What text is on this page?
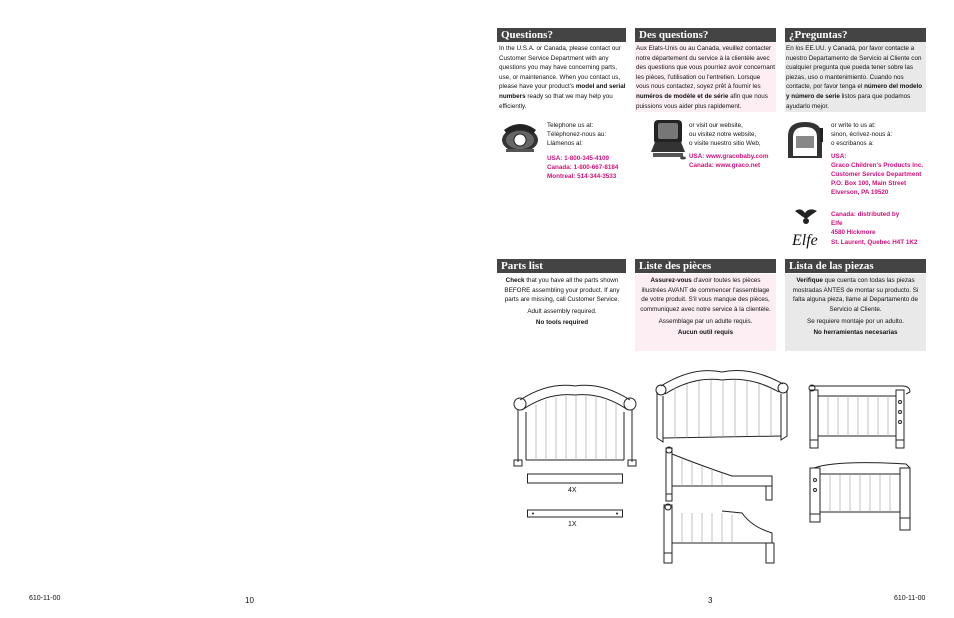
Questions?	Des questions?	¿Preguntas?
In the U.S.A. or Canada, please contact our Customer Service Department with any questions you may have concerning parts, use, or maintenance. When you contact us, please have your product's model and serial numbers ready so that we may help you efficiently.
Aux Etats-Unis ou au Canada, veuillez contacter notre département du service à la clientèle avec des questions que vous pourriez avoir concernant les pièces, l'utilisation ou l'entretien. Lorsque vous nous contactez, soyez prêt à fournir les numéros de modèle et de série afin que nous puissions vous aider plus rapidement.
En los EE.UU. y Canadá, por favor contacte a nuestro Departamento de Servicio al Cliente con cualquier pregunta que pueda tener sobre las piezas, uso o mantenimiento. Cuando nos contacte, por favor tenga el número del modelo y número de serie listos para que podamos ayudarlo mejor.
Telephone us at:
Téléphonez-nous au:
Llámenos al:
USA: 1-800-345-4109
Canada: 1-800-667-8184
Montreal: 514-344-3533
or visit our website,
ou visitez notre website,
o visite nuestro sitio Web,
USA: www.gracobaby.com
Canada: www.graco.net
or write to us at:
sinon, écrivez-nous à:
o escribanos a:
USA:
Graco Children's Products Inc.
Customer Service Department
P.O. Box 100, Main Street
Elverson, PA 19520
Elfe
Canada: distributed by
Elfe
4580 Hickmore
St. Laurent, Quebec H4T 1K2
Parts list	Liste des pièces	Lista de las piezas
Check that you have all the parts shown BEFORE assembling your product. If any parts are missing, call Customer Service.
Adult assembly required.
No tools required
Assurez-vous d'avoir toutes les pièces illustrées AVANT de commencer l'assemblage de votre produit. S'il vous manque des pièces, communiquez avec notre service à la clientèle.
Assemblage par un adulte requis.
Aucun outil requis
Verifique que cuenta con todas las piezas mostradas ANTES de montar su producto. Si falta alguna pieza, llame al Departamento de Servicio al Cliente.
Se requiere montaje por un adulto.
No herramientas necesarias
4X
1X
610-11-00	10	3	610-11-00
